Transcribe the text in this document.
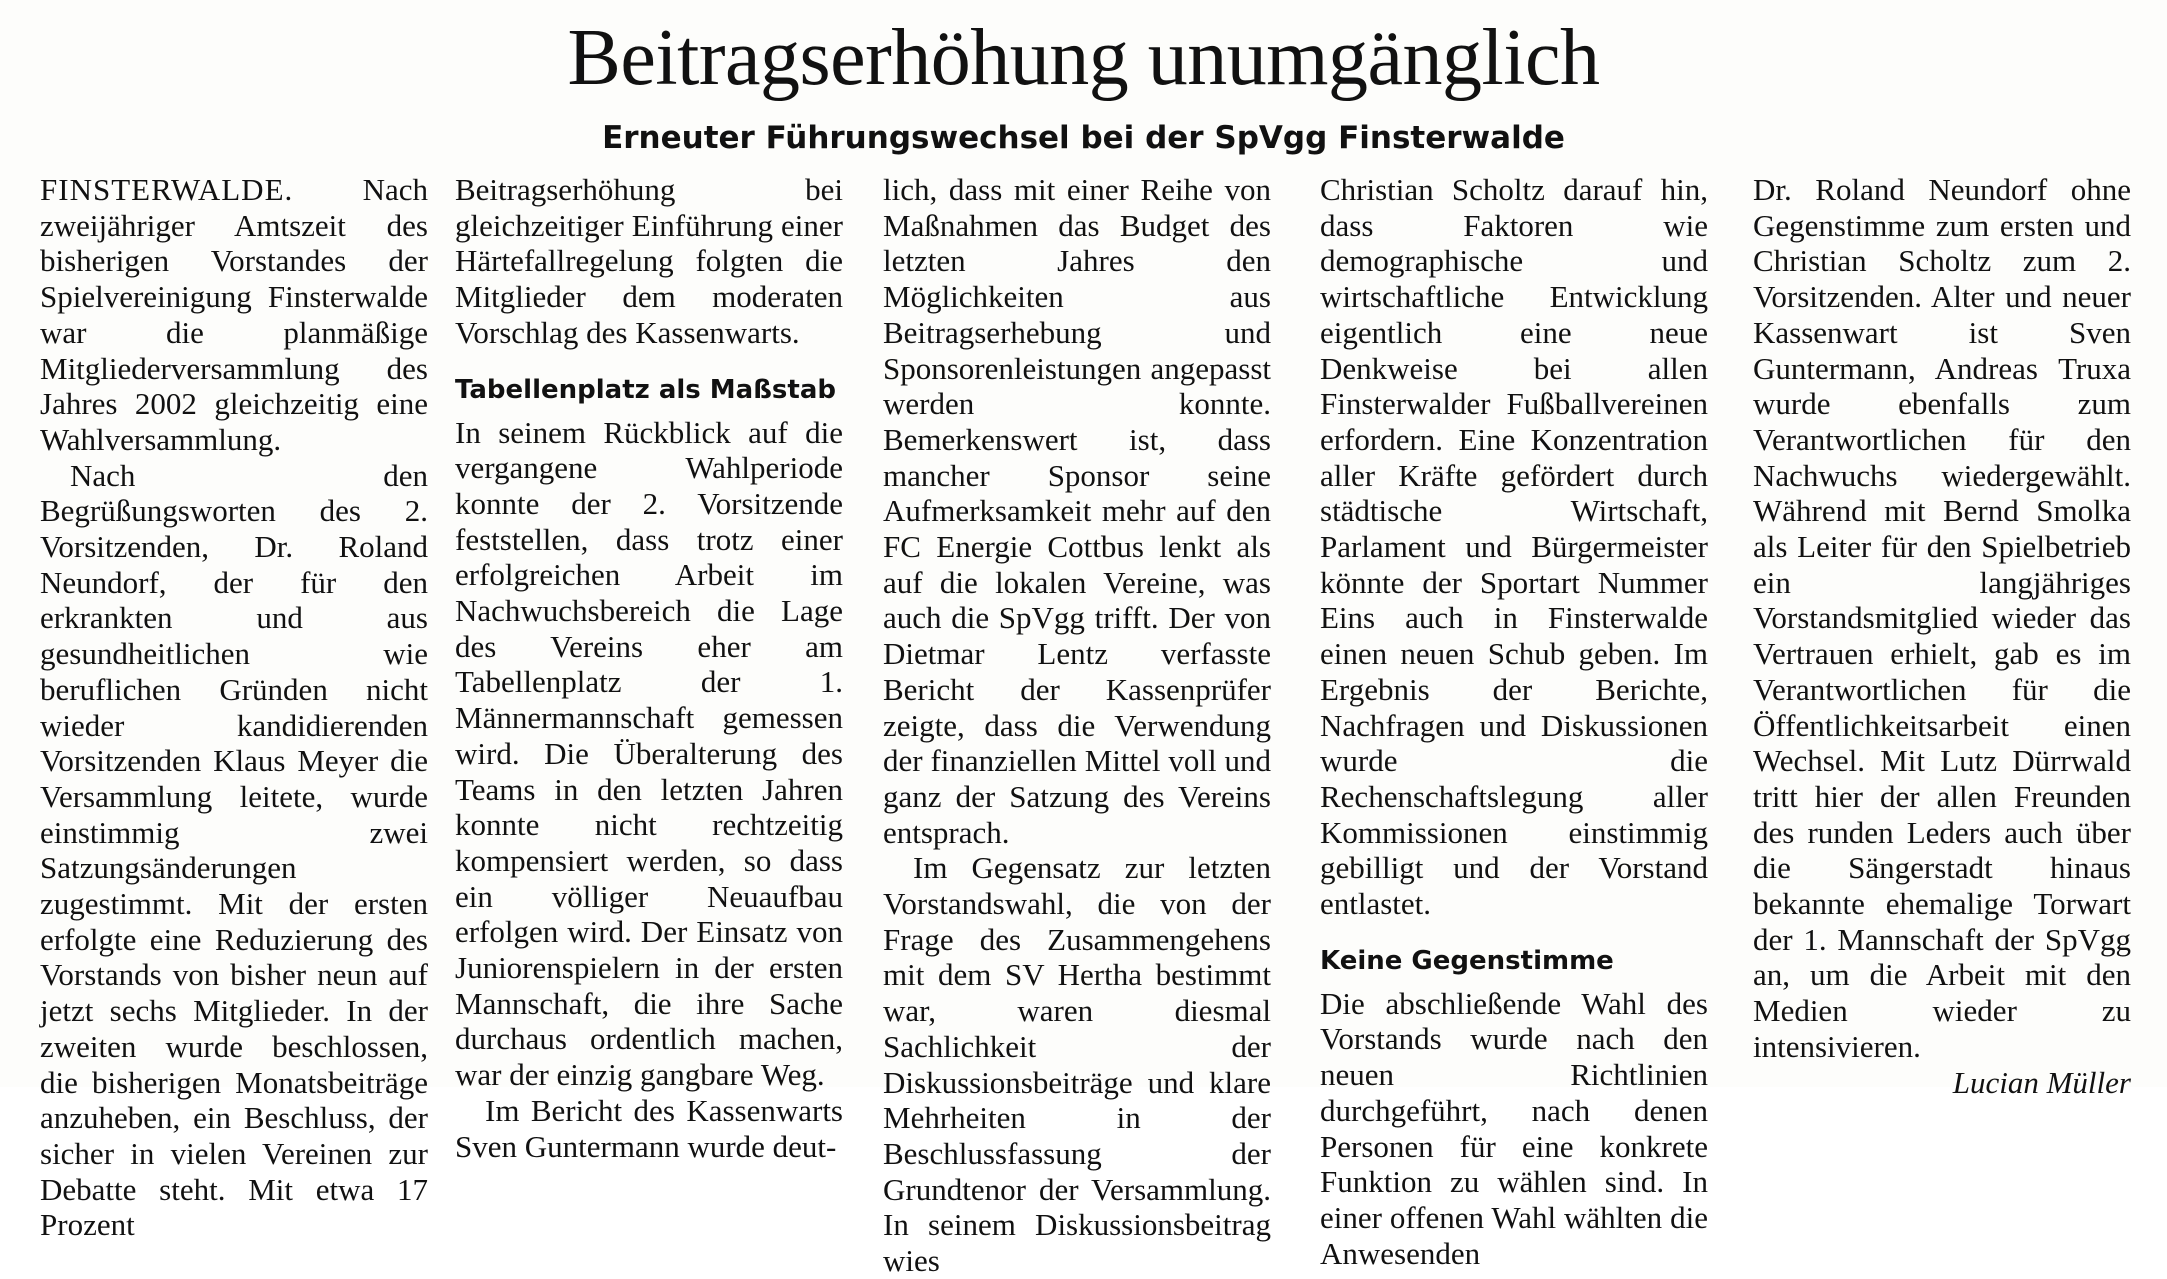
Beitragserhöhung unumgänglich
Erneuter Führungswechsel bei der SpVgg Finsterwalde

FINSTERWALDE. Nach zweijähriger Amtszeit des bisherigen Vorstandes der Spielvereinigung Finsterwalde war die planmäßige Mitgliederversammlung des Jahres 2002 gleichzeitig eine Wahlversammlung.

Nach den Begrüßungsworten des 2. Vorsitzenden, Dr. Roland Neundorf, der für den erkrankten und aus gesundheitlichen wie beruflichen Gründen nicht wieder kandidierenden Vorsitzenden Klaus Meyer die Versammlung leitete, wurde einstimmig zwei Satzungsänderungen zugestimmt. Mit der ersten erfolgte eine Reduzierung des Vorstands von bisher neun auf jetzt sechs Mitglieder. In der zweiten wurde beschlossen, die bisherigen Monatsbeiträge anzuheben, ein Beschluss, der sicher in vielen Vereinen zur Debatte steht. Mit etwa 17 Prozent

Beitragserhöhung bei gleichzeitiger Einführung einer Härtefallregelung folgten die Mitglieder dem moderaten Vorschlag des Kassenwarts.

Tabellenplatz als Maßstab

In seinem Rückblick auf die vergangene Wahlperiode konnte der 2. Vorsitzende feststellen, dass trotz einer erfolgreichen Arbeit im Nachwuchsbereich die Lage des Vereins eher am Tabellenplatz der 1. Männermannschaft gemessen wird. Die Überalterung des Teams in den letzten Jahren konnte nicht rechtzeitig kompensiert werden, so dass ein völliger Neuaufbau erfolgen wird. Der Einsatz von Juniorenspielern in der ersten Mannschaft, die ihre Sache durchaus ordentlich machen, war der einzig gangbare Weg.

Im Bericht des Kassenwarts Sven Guntermann wurde deut-

lich, dass mit einer Reihe von Maßnahmen das Budget des letzten Jahres den Möglichkeiten aus Beitragserhebung und Sponsorenleistungen angepasst werden konnte. Bemerkenswert ist, dass mancher Sponsor seine Aufmerksamkeit mehr auf den FC Energie Cottbus lenkt als auf die lokalen Vereine, was auch die SpVgg trifft. Der von Dietmar Lentz verfasste Bericht der Kassenprüfer zeigte, dass die Verwendung der finanziellen Mittel voll und ganz der Satzung des Vereins entsprach.

Im Gegensatz zur letzten Vorstandswahl, die von der Frage des Zusammengehens mit dem SV Hertha bestimmt war, waren diesmal Sachlichkeit der Diskussionsbeiträge und klare Mehrheiten in der Beschlussfassung der Grundtenor der Versammlung. In seinem Diskussionsbeitrag wies

Christian Scholtz darauf hin, dass Faktoren wie demographische und wirtschaftliche Entwicklung eigentlich eine neue Denkweise bei allen Finsterwalder Fußballvereinen erfordern. Eine Konzentration aller Kräfte gefördert durch städtische Wirtschaft, Parlament und Bürgermeister könnte der Sportart Nummer Eins auch in Finsterwalde einen neuen Schub geben. Im Ergebnis der Berichte, Nachfragen und Diskussionen wurde die Rechenschaftslegung aller Kommissionen einstimmig gebilligt und der Vorstand entlastet.

Keine Gegenstimme

Die abschließende Wahl des Vorstands wurde nach den neuen Richtlinien durchgeführt, nach denen Personen für eine konkrete Funktion zu wählen sind. In einer offenen Wahl wählten die Anwesenden

Dr. Roland Neundorf ohne Gegenstimme zum ersten und Christian Scholtz zum 2. Vorsitzenden. Alter und neuer Kassenwart ist Sven Guntermann, Andreas Truxa wurde ebenfalls zum Verantwortlichen für den Nachwuchs wiedergewählt. Während mit Bernd Smolka als Leiter für den Spielbetrieb ein langjähriges Vorstandsmitglied wieder das Vertrauen erhielt, gab es im Verantwortlichen für die Öffentlichkeitsarbeit einen Wechsel. Mit Lutz Dürrwald tritt hier der allen Freunden des runden Leders auch über die Sängerstadt hinaus bekannte ehemalige Torwart der 1. Mannschaft der SpVgg an, um die Arbeit mit den Medien wieder zu intensivieren.

Lucian Müller
